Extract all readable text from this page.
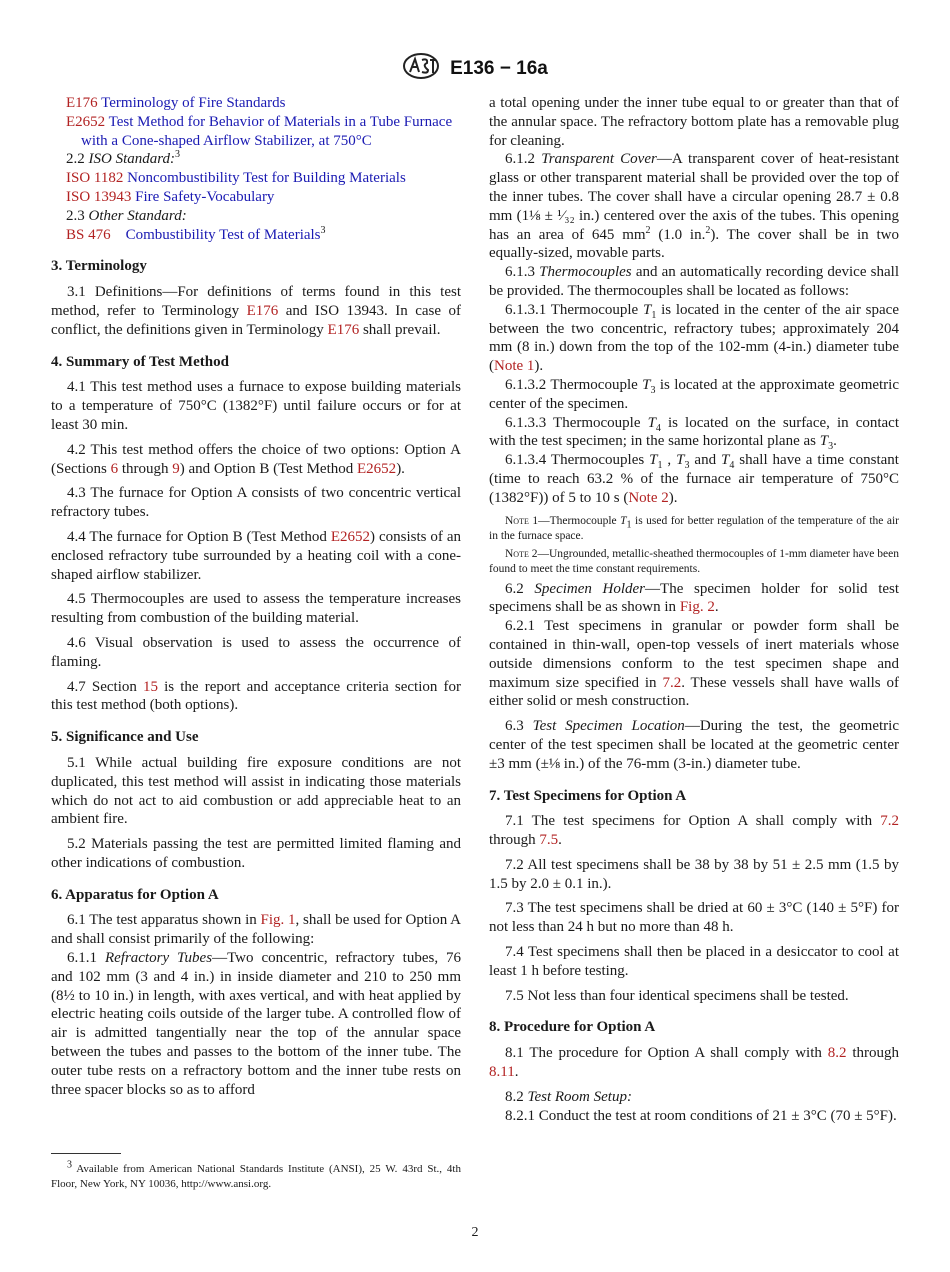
E136 − 16a

E176 Terminology of Fire Standards

E2652 Test Method for Behavior of Materials in a Tube Furnace with a Cone-shaped Airflow Stabilizer, at 750°C

2.2 ISO Standard:$^3$

ISO 1182 Noncombustibility Test for Building Materials

ISO 13943 Fire Safety-Vocabulary

2.3 Other Standard:

BS 476 Combustibility Test of Materials$^3$

3. Terminology

3.1 Definitions—For definitions of terms found in this test method, refer to Terminology E176 and ISO 13943. In case of conflict, the definitions given in Terminology E176 shall prevail.

4. Summary of Test Method

4.1 This test method uses a furnace to expose building materials to a temperature of 750°C (1382°F) until failure occurs or for at least 30 min.

4.2 This test method offers the choice of two options: Option A (Sections 6 through 9) and Option B (Test Method E2652).

4.3 The furnace for Option A consists of two concentric vertical refractory tubes.

4.4 The furnace for Option B (Test Method E2652) consists of an enclosed refractory tube surrounded by a heating coil with a cone-shaped airflow stabilizer.

4.5 Thermocouples are used to assess the temperature increases resulting from combustion of the building material.

4.6 Visual observation is used to assess the occurrence of flaming.

4.7 Section 15 is the report and acceptance criteria section for this test method (both options).

5. Significance and Use

5.1 While actual building fire exposure conditions are not duplicated, this test method will assist in indicating those materials which do not act to aid combustion or add appreciable heat to an ambient fire.

5.2 Materials passing the test are permitted limited flaming and other indications of combustion.

6. Apparatus for Option A

6.1 The test apparatus shown in Fig. 1, shall be used for Option A and shall consist primarily of the following:

6.1.1 Refractory Tubes—Two concentric, refractory tubes, 76 and 102 mm (3 and 4 in.) in inside diameter and 210 to 250 mm (8½ to 10 in.) in length, with axes vertical, and with heat applied by electric heating coils outside of the larger tube. A controlled flow of air is admitted tangentially near the top of the annular space between the tubes and passes to the bottom of the inner tube. The outer tube rests on a refractory bottom and the inner tube rests on three spacer blocks so as to afford

a total opening under the inner tube equal to or greater than that of the annular space. The refractory bottom plate has a removable plug for cleaning.

6.1.2 Transparent Cover—A transparent cover of heat-resistant glass or other transparent material shall be provided over the top of the inner tubes. The cover shall have a circular opening 28.7 ± 0.8 mm (1⅛ ± ¹⁄₃₂ in.) centered over the axis of the tubes. This opening has an area of 645 $mm^2$ (1.0 in.$^2$). The cover shall be in two equally-sized, movable parts.

6.1.3 Thermocouples and an automatically recording device shall be provided. The thermocouples shall be located as follows:

6.1.3.1 Thermocouple $T_1$ is located in the center of the air space between the two concentric, refractory tubes; approximately 204 mm (8 in.) down from the top of the 102-mm (4-in.) diameter tube (Note 1).

6.1.3.2 Thermocouple $T_3$ is located at the approximate geometric center of the specimen.

6.1.3.3 Thermocouple $T_4$ is located on the surface, in contact with the test specimen; in the same horizontal plane as $T_3$.

6.1.3.4 Thermocouples $T_1$ , $T_3$ and $T_4$ shall have a time constant (time to reach 63.2 % of the furnace air temperature of 750°C (1382°F)) of 5 to 10 s (Note 2).

Note 1—Thermocouple $T_1$ is used for better regulation of the temperature of the air in the furnace space.

Note 2—Ungrounded, metallic-sheathed thermocouples of 1-mm diameter have been found to meet the time constant requirements.

6.2 Specimen Holder—The specimen holder for solid test specimens shall be as shown in Fig. 2.

6.2.1 Test specimens in granular or powder form shall be contained in thin-wall, open-top vessels of inert materials whose outside dimensions conform to the test specimen shape and maximum size specified in 7.2. These vessels shall have walls of either solid or mesh construction.

6.3 Test Specimen Location—During the test, the geometric center of the test specimen shall be located at the geometric center ±3 mm (±⅛ in.) of the 76-mm (3-in.) diameter tube.

7. Test Specimens for Option A

7.1 The test specimens for Option A shall comply with 7.2 through 7.5.

7.2 All test specimens shall be 38 by 38 by 51 ± 2.5 mm (1.5 by 1.5 by 2.0 ± 0.1 in.).

7.3 The test specimens shall be dried at 60 ± 3°C (140 ± 5°F) for not less than 24 h but no more than 48 h.

7.4 Test specimens shall then be placed in a desiccator to cool at least 1 h before testing.

7.5 Not less than four identical specimens shall be tested.

8. Procedure for Option A

8.1 The procedure for Option A shall comply with 8.2 through 8.11.

8.2 Test Room Setup:

8.2.1 Conduct the test at room conditions of 21 ± 3°C (70 ± 5°F).

$^3$ Available from American National Standards Institute (ANSI), 25 W. 43rd St., 4th Floor, New York, NY 10036, http://www.ansi.org.
2
